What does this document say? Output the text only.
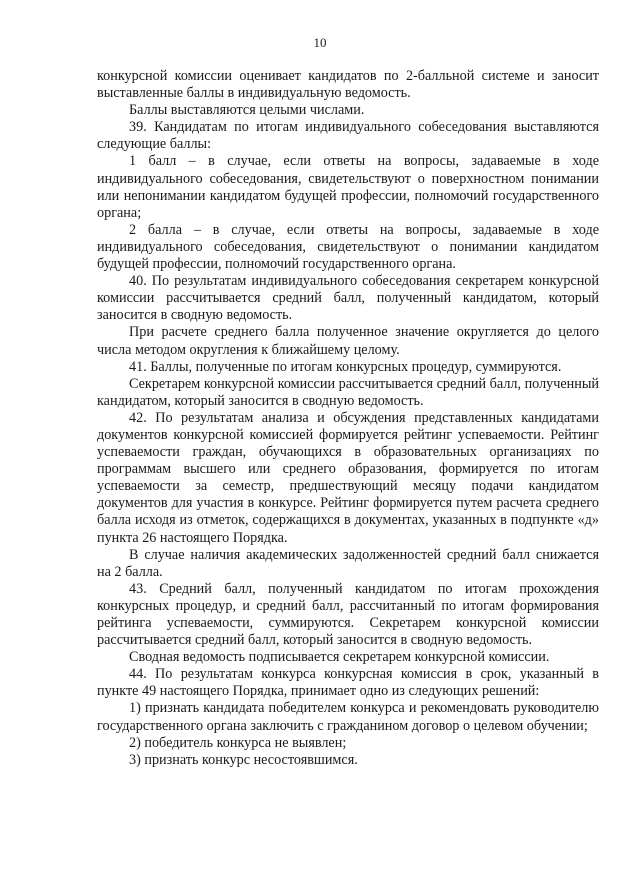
10

конкурсной комиссии оценивает кандидатов по 2-балльной системе и заносит выставленные баллы в индивидуальную ведомость.

Баллы выставляются целыми числами.

39. Кандидатам по итогам индивидуального собеседования выставляются следующие баллы:

1 балл – в случае, если ответы на вопросы, задаваемые в ходе индивидуального собеседования, свидетельствуют о поверхностном понимании или непонимании кандидатом будущей профессии, полномочий государственного органа;

2 балла – в случае, если ответы на вопросы, задаваемые в ходе индивидуального собеседования, свидетельствуют о понимании кандидатом будущей профессии, полномочий государственного органа.

40. По результатам индивидуального собеседования секретарем конкурсной комиссии рассчитывается средний балл, полученный кандидатом, который заносится в сводную ведомость.

При расчете среднего балла полученное значение округляется до целого числа методом округления к ближайшему целому.

41. Баллы, полученные по итогам конкурсных процедур, суммируются.

Секретарем конкурсной комиссии рассчитывается средний балл, полученный кандидатом, который заносится в сводную ведомость.

42. По результатам анализа и обсуждения представленных кандидатами документов конкурсной комиссией формируется рейтинг успеваемости. Рейтинг успеваемости граждан, обучающихся в образовательных организациях по программам высшего или среднего образования, формируется по итогам успеваемости за семестр, предшествующий месяцу подачи кандидатом документов для участия в конкурсе. Рейтинг формируется путем расчета среднего балла исходя из отметок, содержащихся в документах, указанных в подпункте «д» пункта 26 настоящего Порядка.

В случае наличия академических задолженностей средний балл снижается на 2 балла.

43. Средний балл, полученный кандидатом по итогам прохождения конкурсных процедур, и средний балл, рассчитанный по итогам формирования рейтинга успеваемости, суммируются. Секретарем конкурсной комиссии рассчитывается средний балл, который заносится в сводную ведомость.

Сводная ведомость подписывается секретарем конкурсной комиссии.

44. По результатам конкурса конкурсная комиссия в срок, указанный в пункте 49 настоящего Порядка, принимает одно из следующих решений:

1) признать кандидата победителем конкурса и рекомендовать руководителю государственного органа заключить с гражданином договор о целевом обучении;

2) победитель конкурса не выявлен;

3) признать конкурс несостоявшимся.
